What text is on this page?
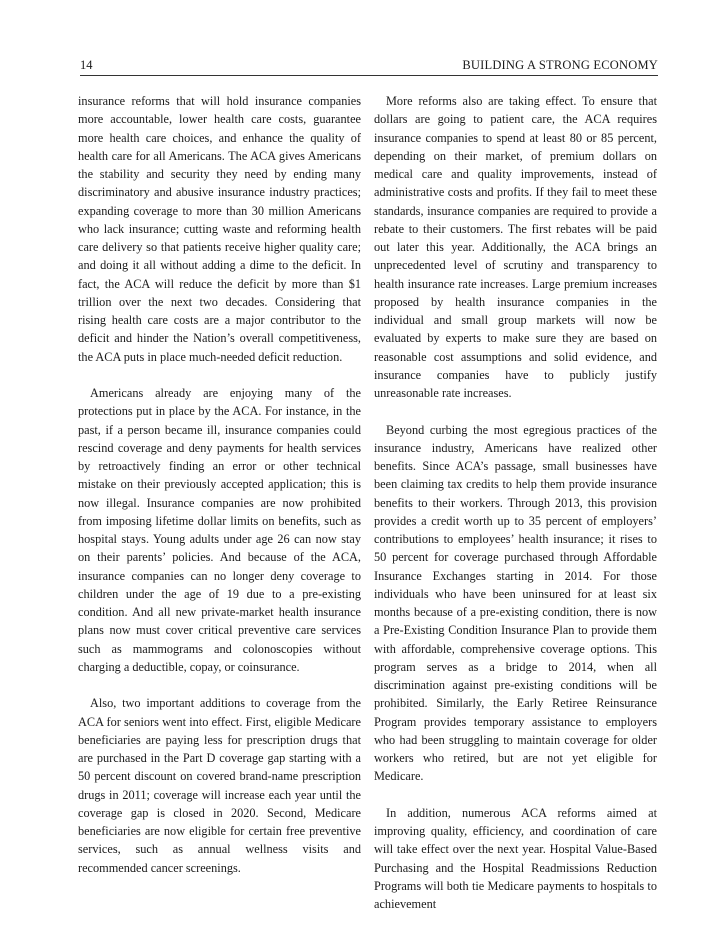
14	BUILDING A STRONG ECONOMY

insurance reforms that will hold insurance companies more accountable, lower health care costs, guarantee more health care choices, and enhance the quality of health care for all Americans. The ACA gives Americans the stability and security they need by ending many discriminatory and abusive insurance industry practices; expanding coverage to more than 30 million Americans who lack insurance; cutting waste and reforming health care delivery so that patients receive higher quality care; and doing it all without adding a dime to the deficit. In fact, the ACA will reduce the deficit by more than $1 trillion over the next two decades. Considering that rising health care costs are a major contributor to the deficit and hinder the Nation’s overall competitiveness, the ACA puts in place much-needed deficit reduction.

Americans already are enjoying many of the protections put in place by the ACA. For instance, in the past, if a person became ill, insurance companies could rescind coverage and deny payments for health services by retroactively finding an error or other technical mistake on their previously accepted application; this is now illegal. Insurance companies are now prohibited from imposing lifetime dollar limits on benefits, such as hospital stays. Young adults under age 26 can now stay on their parents’ policies. And because of the ACA, insurance companies can no longer deny coverage to children under the age of 19 due to a pre-existing condition. And all new private-market health insurance plans now must cover critical preventive care services such as mammograms and colonoscopies without charging a deductible, copay, or coinsurance.

Also, two important additions to coverage from the ACA for seniors went into effect. First, eligible Medicare beneficiaries are paying less for prescription drugs that are purchased in the Part D coverage gap starting with a 50 percent discount on covered brand-name prescription drugs in 2011; coverage will increase each year until the coverage gap is closed in 2020. Second, Medicare beneficiaries are now eligible for certain free preventive services, such as annual wellness visits and recommended cancer screenings.

More reforms also are taking effect. To ensure that dollars are going to patient care, the ACA requires insurance companies to spend at least 80 or 85 percent, depending on their market, of premium dollars on medical care and quality improvements, instead of administrative costs and profits. If they fail to meet these standards, insurance companies are required to provide a rebate to their customers. The first rebates will be paid out later this year. Additionally, the ACA brings an unprecedented level of scrutiny and transparency to health insurance rate increases. Large premium increases proposed by health insurance companies in the individual and small group markets will now be evaluated by experts to make sure they are based on reasonable cost assumptions and solid evidence, and insurance companies have to publicly justify unreasonable rate increases.

Beyond curbing the most egregious practices of the insurance industry, Americans have realized other benefits. Since ACA’s passage, small businesses have been claiming tax credits to help them provide insurance benefits to their workers. Through 2013, this provision provides a credit worth up to 35 percent of employers’ contributions to employees’ health insurance; it rises to 50 percent for coverage purchased through Affordable Insurance Exchanges starting in 2014. For those individuals who have been uninsured for at least six months because of a pre-existing condition, there is now a Pre-Existing Condition Insurance Plan to provide them with affordable, comprehensive coverage options. This program serves as a bridge to 2014, when all discrimination against pre-existing conditions will be prohibited. Similarly, the Early Retiree Reinsurance Program provides temporary assistance to employers who had been struggling to maintain coverage for older workers who retired, but are not yet eligible for Medicare.

In addition, numerous ACA reforms aimed at improving quality, efficiency, and coordination of care will take effect over the next year. Hospital Value-Based Purchasing and the Hospital Readmissions Reduction Programs will both tie Medicare payments to hospitals to achievement
